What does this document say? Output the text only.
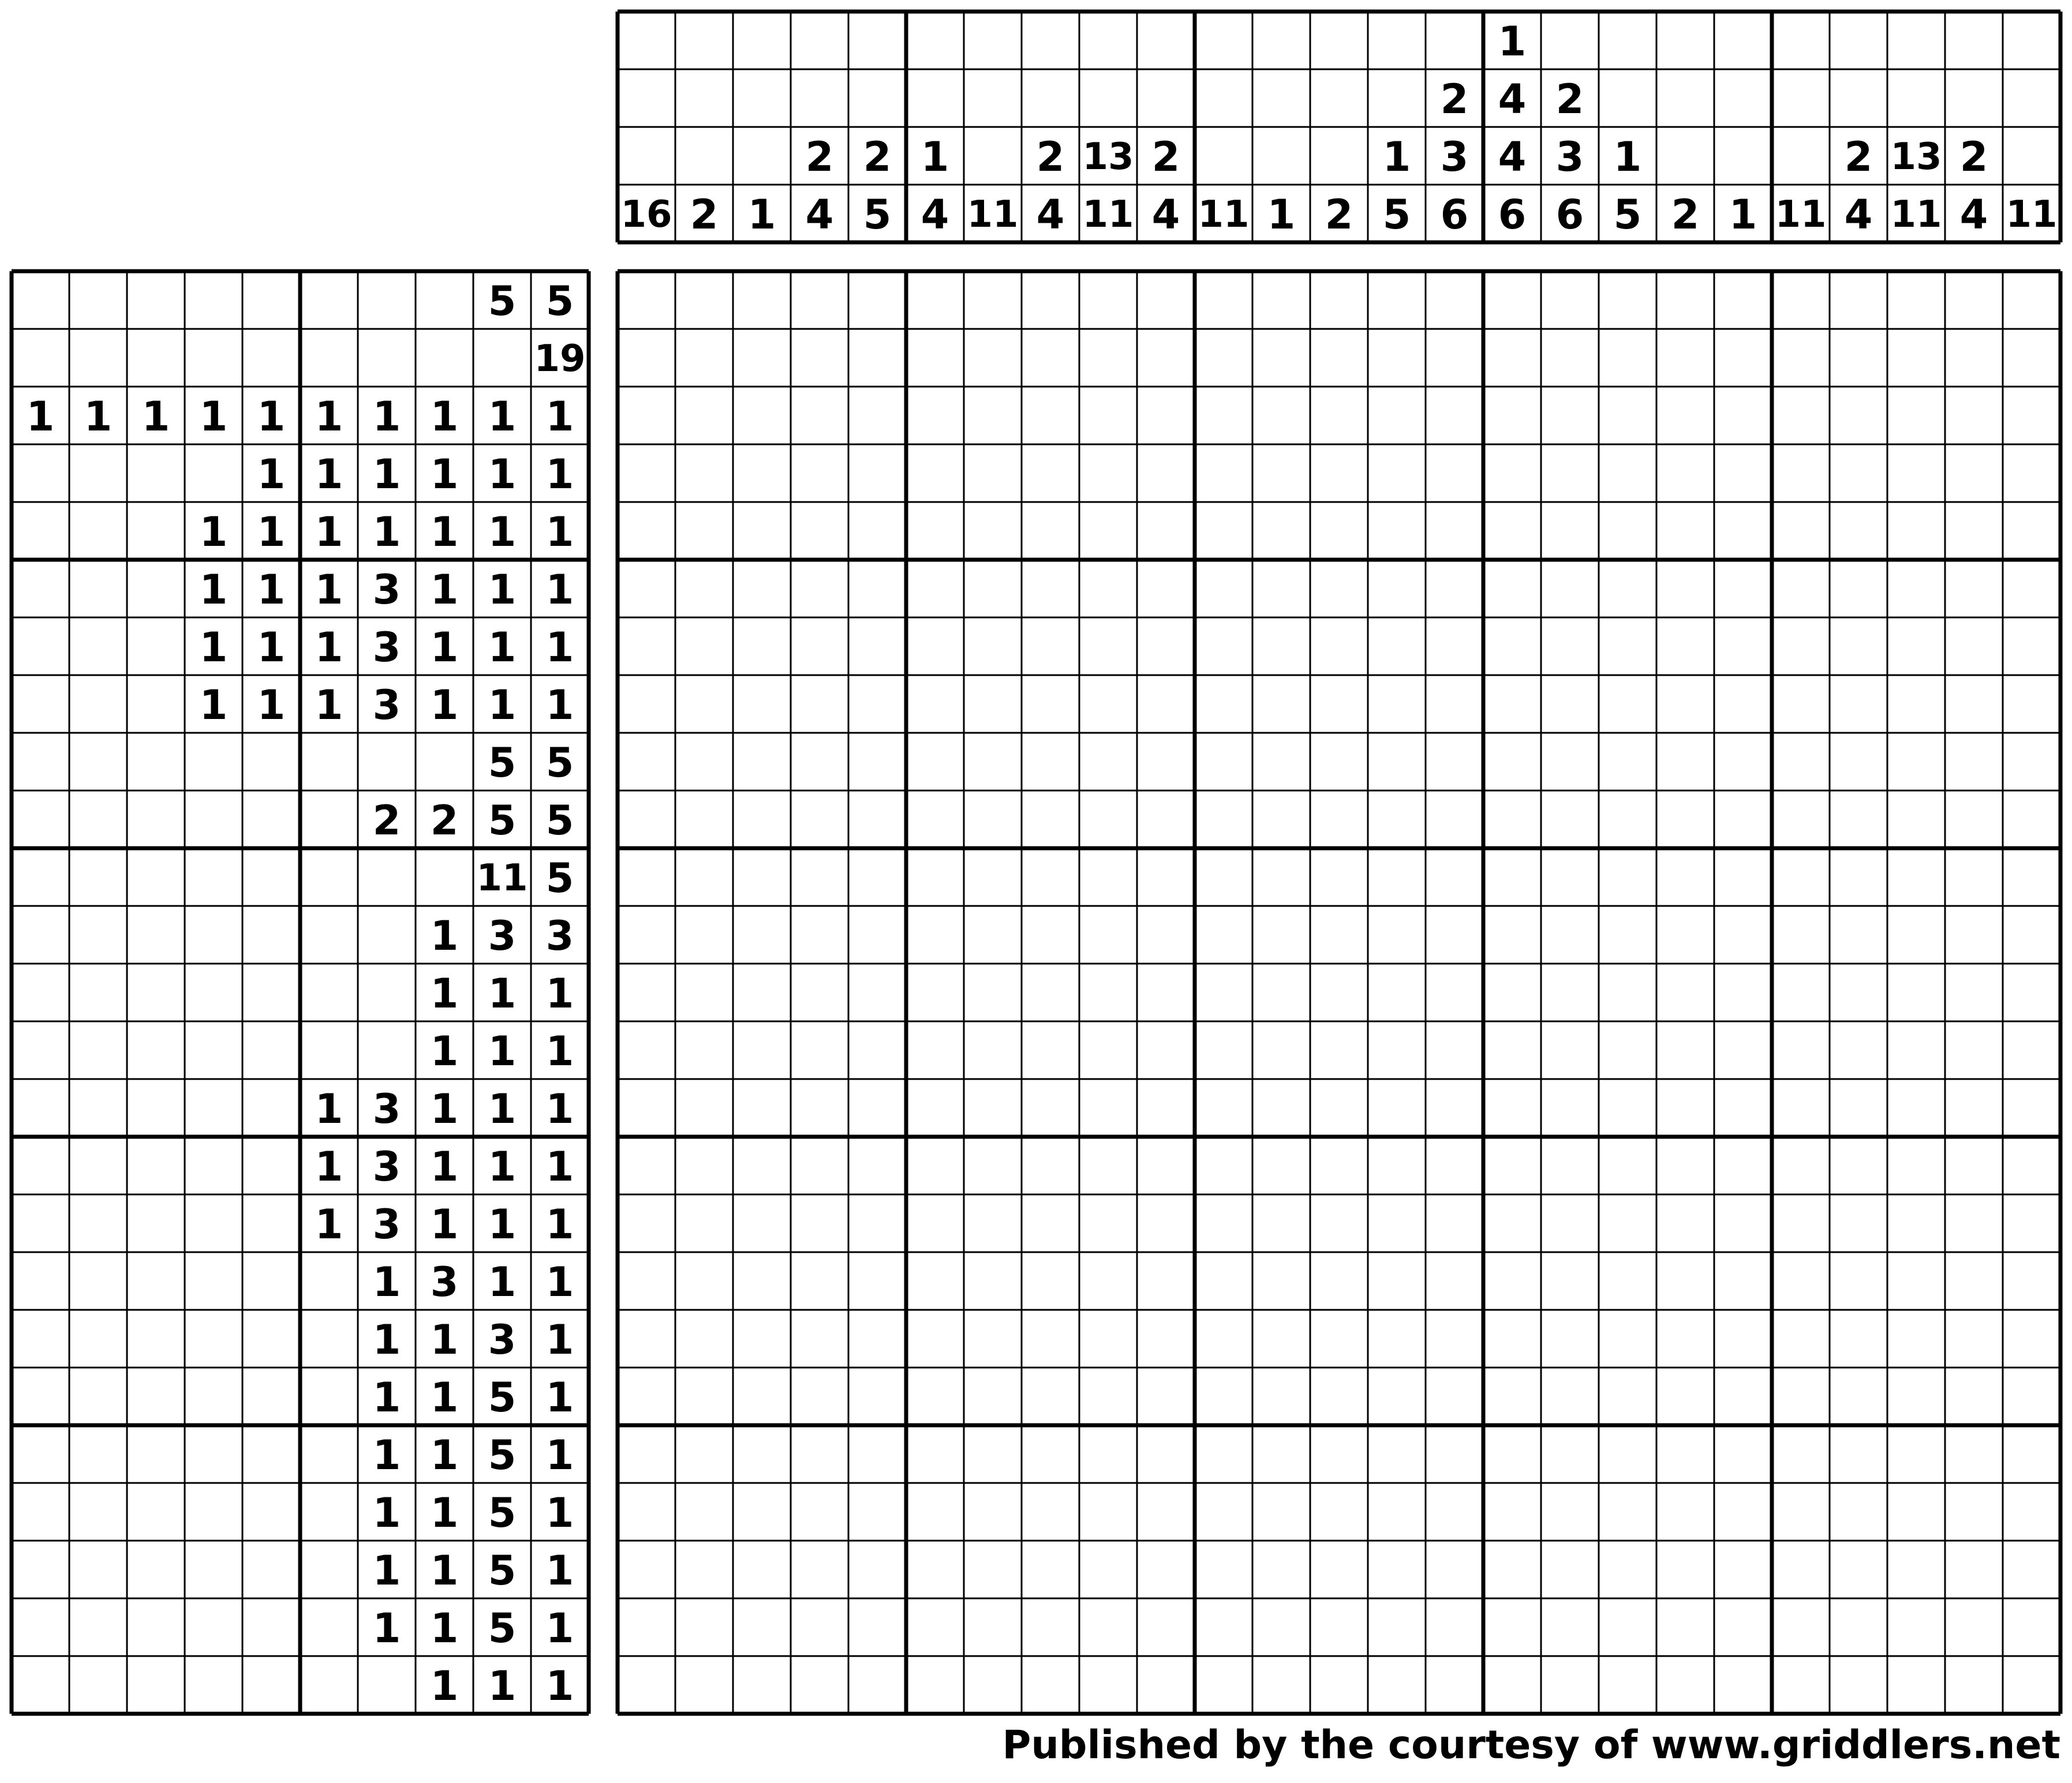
16 2 1
2
4
2
5
1
4 11
2
4
13
11
2
4 11 1 2
1
5
2
3
6
1
4
4
6
2
3
6
1
5 2 1 11
2
4
13
11
2
4 11
5 5
19
1 1 1 1 1 1 1 1 1 1
1 1 1 1 1 1
1 1 1 1 1 1 1
1 1 1 3 1 1 1
1 1 1 3 1 1 1
1 1 1 3 1 1 1
5 5
2 2 5 5
11 5
1 3 3
1 1 1
1 1 1
1 3 1 1 1
1 3 1 1 1
1 3 1 1 1
1 3 1 1
1 1 3 1
1 1 5 1
1 1 5 1
1 1 5 1
1 1 5 1
1 1 5 1
1 1 1
Published by the courtesy of www.griddlers.net
